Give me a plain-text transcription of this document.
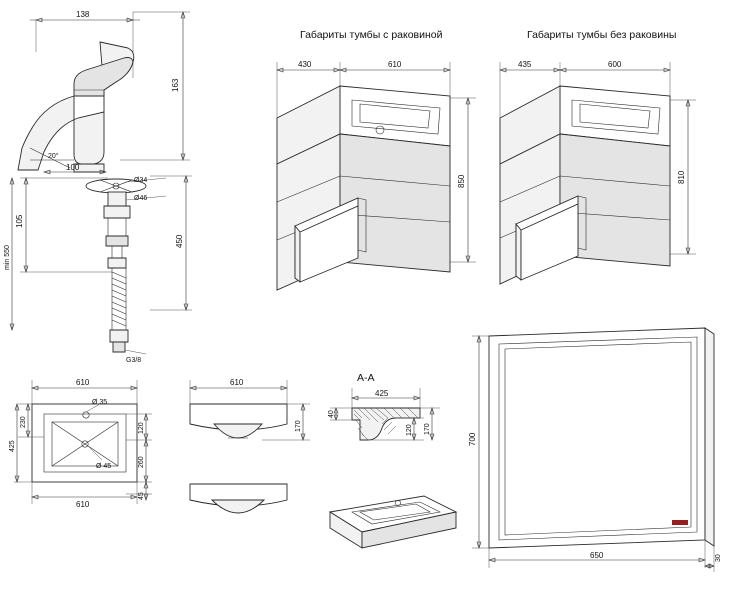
138
163
105
min 550
450
20°
100
Ø34
Ø46
G3/8
Габариты тумбы с раковиной
430	610
850
Габариты тумбы без раковины
435	600
810
610
Ø 35
Ø 45
230
425
120
260
45
610
610
170
A-A
425
40
120 170
700
650	30
